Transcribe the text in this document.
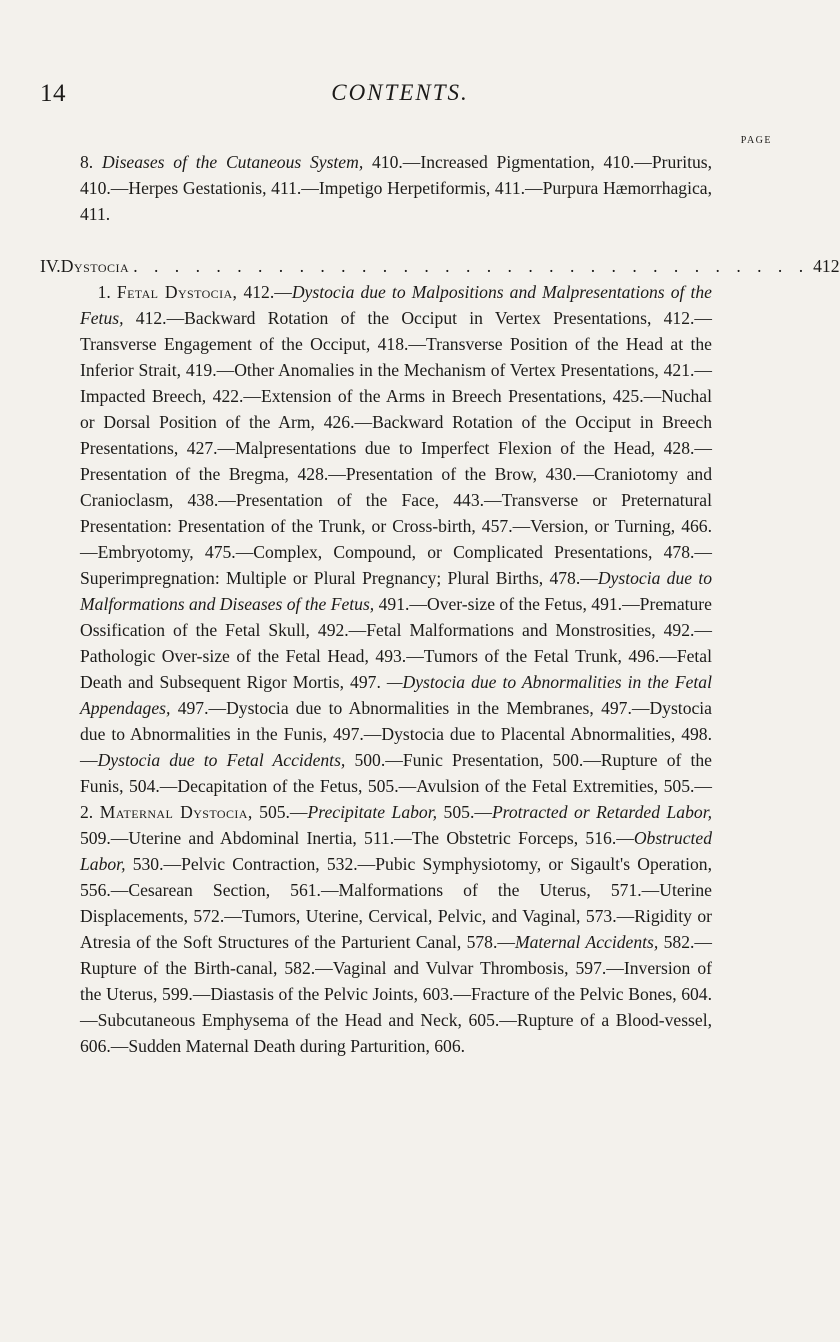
14	CONTENTS.
PAGE
8. Diseases of the Cutaneous System, 410.—Increased Pigmentation, 410.—Pruritus, 410.—Herpes Gestationis, 411.—Impetigo Herpetiformis, 411.—Purpura Hæmorrhagica, 411.
IV. Dystocia . . . . . . . . . . . . . . . . . . . . . . . . . . . . . . . . . 412
 1. Fetal Dystocia, 412.—Dystocia due to Malpositions and Malpresentations of the Fetus, 412.—Backward Rotation of the Occiput in Vertex Presentations, 412.—Transverse Engagement of the Occiput, 418.—Transverse Position of the Head at the Inferior Strait, 419.—Other Anomalies in the Mechanism of Vertex Presentations, 421.—Impacted Breech, 422.—Extension of the Arms in Breech Presentations, 425.—Nuchal or Dorsal Position of the Arm, 426.—Backward Rotation of the Occiput in Breech Presentations, 427.—Malpresentations due to Imperfect Flexion of the Head, 428.—Presentation of the Bregma, 428.—Presentation of the Brow, 430.—Craniotomy and Cranioclasm, 438.—Presentation of the Face, 443.—Transverse or Preternatural Presentation: Presentation of the Trunk, or Cross-birth, 457.—Version, or Turning, 466.—Embryotomy, 475.—Complex, Compound, or Complicated Presentations, 478.—Superimpregnation: Multiple or Plural Pregnancy; Plural Births, 478.—Dystocia due to Malformations and Diseases of the Fetus, 491.—Over-size of the Fetus, 491.—Premature Ossification of the Fetal Skull, 492.—Fetal Malformations and Monstrosities, 492.—Pathologic Over-size of the Fetal Head, 493.—Tumors of the Fetal Trunk, 496.—Fetal Death and Subsequent Rigor Mortis, 497. —Dystocia due to Abnormalities in the Fetal Appendages, 497.—Dystocia due to Abnormalities in the Membranes, 497.—Dystocia due to Abnormalities in the Funis, 497.—Dystocia due to Placental Abnormalities, 498.—Dystocia due to Fetal Accidents, 500.—Funic Presentation, 500.—Rupture of the Funis, 504.—Decapitation of the Fetus, 505.—Avulsion of the Fetal Extremities, 505.—2. Maternal Dystocia, 505.—Precipitate Labor, 505.—Protracted or Retarded Labor, 509.—Uterine and Abdominal Inertia, 511.—The Obstetric Forceps, 516.—Obstructed Labor, 530.—Pelvic Contraction, 532.—Pubic Symphysiotomy, or Sigault's Operation, 556.—Cesarean Section, 561.—Malformations of the Uterus, 571.—Uterine Displacements, 572.—Tumors, Uterine, Cervical, Pelvic, and Vaginal, 573.—Rigidity or Atresia of the Soft Structures of the Parturient Canal, 578.—Maternal Accidents, 582.—Rupture of the Birth-canal, 582.—Vaginal and Vulvar Thrombosis, 597.—Inversion of the Uterus, 599.—Diastasis of the Pelvic Joints, 603.—Fracture of the Pelvic Bones, 604.—Subcutaneous Emphysema of the Head and Neck, 605.—Rupture of a Blood-vessel, 606.—Sudden Maternal Death during Parturition, 606.
